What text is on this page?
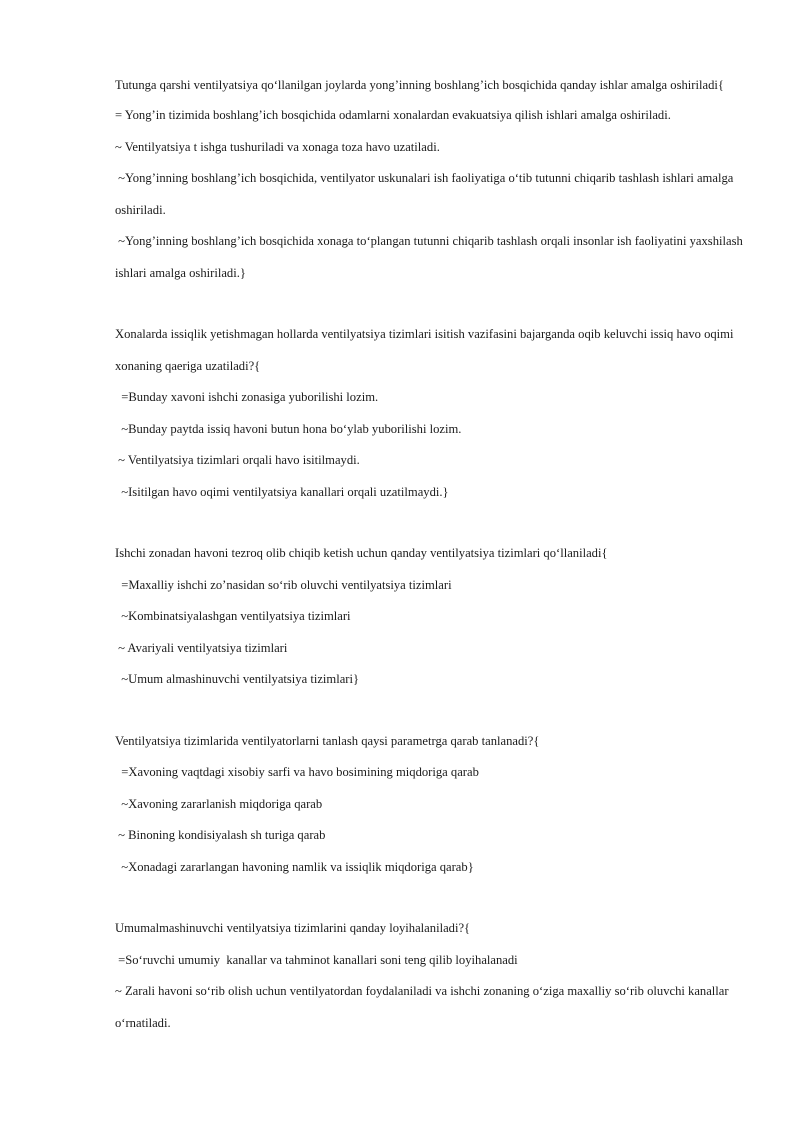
Tutunga qarshi ventilyatsiya qo‘llanilgan joylarda yong’inning boshlang’ich bosqichida qanday ishlar amalga oshiriladi{

= Yong’in tizimida boshlang’ich bosqichida odamlarni xonalardan evakuatsiya qilish ishlari amalga oshiriladi.

~ Ventilyatsiya t ishga tushuriladi va xonaga toza havo uzatiladi.

~Yong’inning boshlang’ich bosqichida, ventilyator uskunalari ish faoliyatiga o‘tib tutunni chiqarib tashlash ishlari amalga oshiriladi.

~Yong’inning boshlang’ich bosqichida xonaga to‘plangan tutunni chiqarib tashlash orqali insonlar ish faoliyatini yaxshilash ishlari amalga oshiriladi.}

Xonalarda issiqlik yetishmagan hollarda ventilyatsiya tizimlari isitish vazifasini bajarganda oqib keluvchi issiq havo oqimi xonaning qaeriga uzatiladi?{

=Bunday xavoni ishchi zonasiga yuborilishi lozim.

~Bunday paytda issiq havoni butun hona bo‘ylab yuborilishi lozim.

~ Ventilyatsiya tizimlari orqali havo isitilmaydi.

~Isitilgan havo oqimi ventilyatsiya kanallari orqali uzatilmaydi.}

Ishchi zonadan havoni tezroq olib chiqib ketish uchun qanday ventilyatsiya tizimlari qo‘llaniladi{

=Maxalliy ishchi zo’nasidan so‘rib oluvchi ventilyatsiya tizimlari

~Kombinatsiyalashgan ventilyatsiya tizimlari

~ Avariyali ventilyatsiya tizimlari

~Umum almashinuvchi ventilyatsiya tizimlari}

Ventilyatsiya tizimlarida ventilyatorlarni tanlash qaysi parametrga qarab tanlanadi?{

=Xavoning vaqtdagi xisobiy sarfi va havo bosimining miqdoriga qarab

~Xavoning zararlanish miqdoriga qarab

~ Binoning kondisiyalash sh turiga qarab

~Xonadagi zararlangan havoning namlik va issiqlik miqdoriga qarab}

Umumalmashinuvchi ventilyatsiya tizimlarini qanday loyihalaniladi?{

=So‘ruvchi umumiy  kanallar va tahminot kanallari soni teng qilib loyihalanadi

~ Zarali havoni so‘rib olish uchun ventilyatordan foydalaniladi va ishchi zonaning o‘ziga maxalliy so‘rib oluvchi kanallar o‘rnatiladi.
